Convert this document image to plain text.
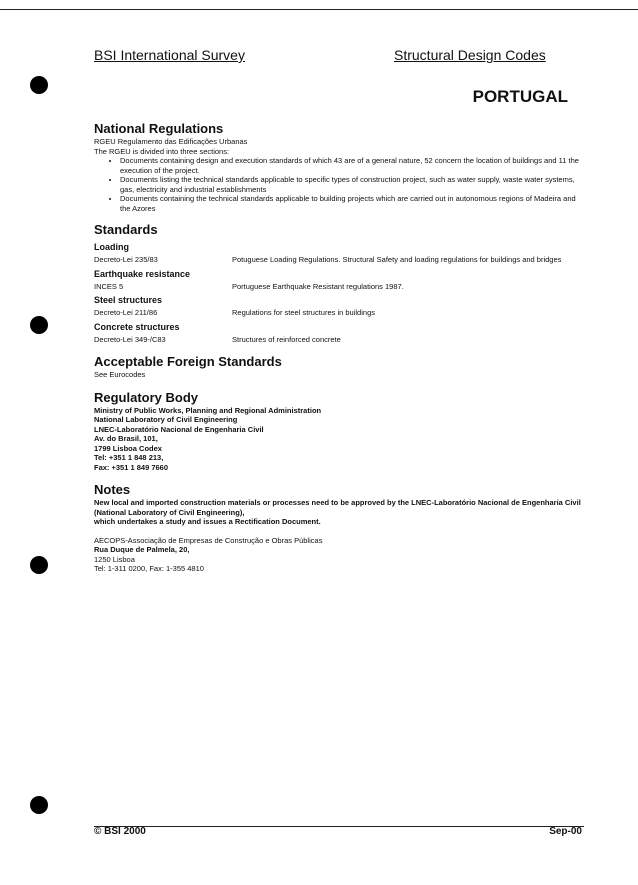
BSI International Survey	Structural Design Codes
PORTUGAL
National Regulations

RGEU Regulamento das Edificações Urbanas

The RGEU is divided into three sections:

• Documents containing design and execution standards of which 43 are of a general nature, 52 concern the location of buildings and 11 the execution of the project.
• Documents listing the technical standards applicable to specific types of construction project, such as water supply, waste water systems, gas, electricity and industrial establishments
• Documents containing the technical standards applicable to building projects which are carried out in autonomous regions of Madeira and the Azores
Standards
Loading
Decreto-Lei 235/83	Potuguese Loading Regulations. Structural Safety and loading regulations for buildings and bridges
Earthquake resistance
INCES 5	Portuguese Earthquake Resistant regulations 1987.
Steel structures
Decreto-Lei 211/86	Regulations for steel structures in buildings
Concrete structures
Decreto-Lei 349-/C83	Structures of reinforced concrete
Acceptable Foreign Standards

See Eurocodes

Regulatory Body

Ministry of Public Works, Planning and Regional Administration

National Laboratory of Civil Engineering

LNEC-Laboratório Nacional de Engenharia Civil

Av. do Brasil, 101,

1799 Lisboa Codex

Tel: +351 1 848 213,

Fax: +351 1 849 7660

Notes

New local and imported construction materials or processes need to be approved by the LNEC-Laboratório Nacional de Engenharia Civil (National Laboratory of Civil Engineering),

which undertakes a study and issues a Rectification Document.

AECOPS-Associação de Empresas de Construção e Obras Públicas

Rua Duque de Palmela, 20,

1250 Lisboa

Tel: 1-311 0200, Fax: 1-355 4810

© BSI 2000	Sep-00
